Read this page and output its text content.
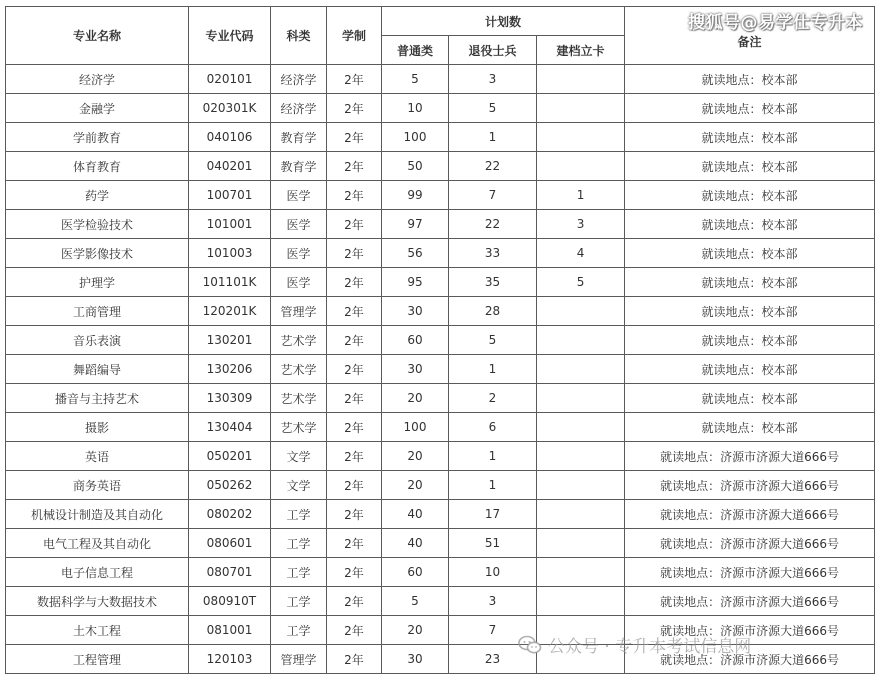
专业名称	专业代码	科类	学制	计划数			备注
				普通类	退役士兵	建档立卡	
经济学	020101	经济学	2年	5	3		就读地点：校本部
金融学	020301K	经济学	2年	10	5		就读地点：校本部
学前教育	040106	教育学	2年	100	1		就读地点：校本部
体育教育	040201	教育学	2年	50	22		就读地点：校本部
药学	100701	医学	2年	99	7	1	就读地点：校本部
医学检验技术	101001	医学	2年	97	22	3	就读地点：校本部
医学影像技术	101003	医学	2年	56	33	4	就读地点：校本部
护理学	101101K	医学	2年	95	35	5	就读地点：校本部
工商管理	120201K	管理学	2年	30	28		就读地点：校本部
音乐表演	130201	艺术学	2年	60	5		就读地点：校本部
舞蹈编导	130206	艺术学	2年	30	1		就读地点：校本部
播音与主持艺术	130309	艺术学	2年	20	2		就读地点：校本部
摄影	130404	艺术学	2年	100	6		就读地点：校本部
英语	050201	文学	2年	20	1		就读地点：济源市济源大道666号
商务英语	050262	文学	2年	20	1		就读地点：济源市济源大道666号
机械设计制造及其自动化	080202	工学	2年	40	17		就读地点：济源市济源大道666号
电气工程及其自动化	080601	工学	2年	40	51		就读地点：济源市济源大道666号
电子信息工程	080701	工学	2年	60	10		就读地点：济源市济源大道666号
数据科学与大数据技术	080910T	工学	2年	5	3		就读地点：济源市济源大道666号
土木工程	081001	工学	2年	20	7		就读地点：济源市济源大道666号
工程管理	120103	管理学	2年	30	23		就读地点：济源市济源大道666号
搜狐号@易学仕专升本
公众号 · 专升本考试信息网
